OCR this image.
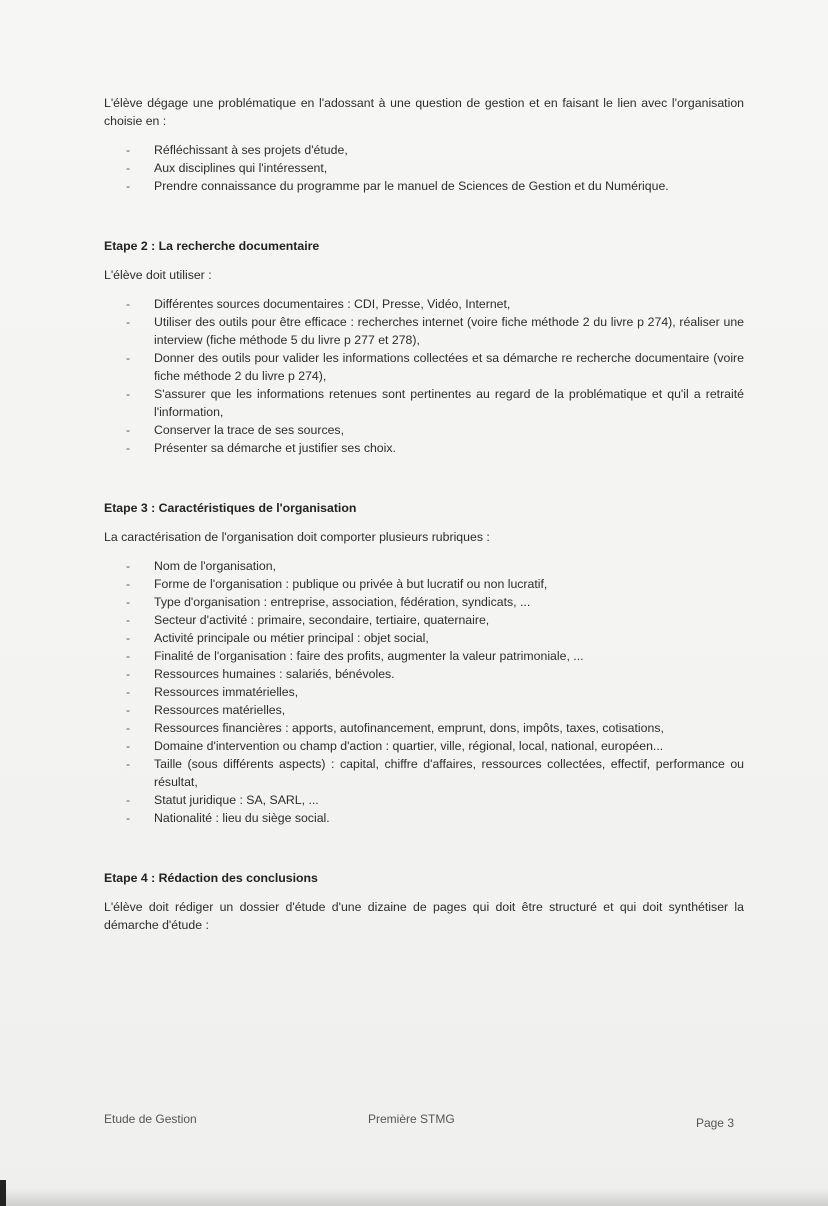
L'élève dégage une problématique en l'adossant à une question de gestion et en faisant le lien avec l'organisation choisie en :

- Réfléchissant à ses projets d'étude,
- Aux disciplines qui l'intéressent,
- Prendre connaissance du programme par le manuel de Sciences de Gestion et du Numérique.

Etape 2 : La recherche documentaire

L'élève doit utiliser :

- Différentes sources documentaires : CDI, Presse, Vidéo, Internet,
- Utiliser des outils pour être efficace : recherches internet (voire fiche méthode 2 du livre p 274), réaliser une interview (fiche méthode 5 du livre p 277 et 278),
- Donner des outils pour valider les informations collectées et sa démarche re recherche documentaire (voire fiche méthode 2 du livre p 274),
- S'assurer que les informations retenues sont pertinentes au regard de la problématique et qu'il a retraité l'information,
- Conserver la trace de ses sources,
- Présenter sa démarche et justifier ses choix.

Etape 3 : Caractéristiques de l'organisation

La caractérisation de l'organisation doit comporter plusieurs rubriques :

- Nom de l'organisation,
- Forme de l'organisation : publique ou privée à but lucratif ou non lucratif,
- Type d'organisation : entreprise, association, fédération, syndicats, ...
- Secteur d'activité : primaire, secondaire, tertiaire, quaternaire,
- Activité principale ou métier principal : objet social,
- Finalité de l'organisation : faire des profits, augmenter la valeur patrimoniale, ...
- Ressources humaines : salariés, bénévoles.
- Ressources immatérielles,
- Ressources matérielles,
- Ressources financières : apports, autofinancement, emprunt, dons, impôts, taxes, cotisations,
- Domaine d'intervention ou champ d'action : quartier, ville, régional, local, national, européen...
- Taille (sous différents aspects) : capital, chiffre d'affaires, ressources collectées, effectif, performance ou résultat,
- Statut juridique : SA, SARL, ...
- Nationalité : lieu du siège social.

Etape 4 : Rédaction des conclusions

L'élève doit rédiger un dossier d'étude d'une dizaine de pages qui doit être structuré et qui doit synthétiser la démarche d'étude :

Etude de Gestion	Première STMG	Page 3
